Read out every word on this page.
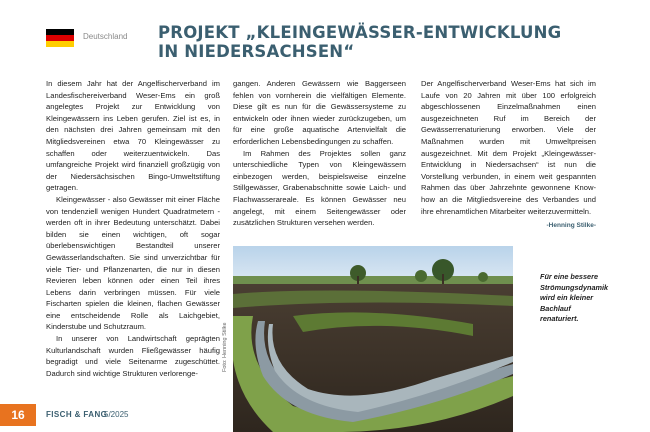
Deutschland PROJEKT „KLEINGEWÄSSER-ENTWICKLUNG
IN NIEDERSACHSEN“

In diesem Jahr hat der Angelfischerverband im Landesfischereiverband Weser-Ems ein groß angelegtes Projekt zur Entwicklung von Kleingewässern ins Leben gerufen. Ziel ist es, in den nächsten drei Jahren gemeinsam mit den Mitgliedsvereinen etwa 70 Kleingewässer zu schaffen oder weiterzuentwickeln. Das umfangreiche Projekt wird finanziell großzügig von der Niedersächsischen Bingo-Umweltstiftung getragen.

Kleingewässer - also Gewässer mit einer Fläche von tendenziell wenigen Hundert Quadratmetern - werden oft in ihrer Bedeutung unterschätzt. Dabei bilden sie einen wichtigen, oft sogar überlebenswichtigen Bestandteil unserer Gewässerlandschaften. Sie sind unverzichtbar für viele Tier- und Pflanzenarten, die nur in diesen Revieren leben können oder einen Teil ihres Lebens darin verbringen müssen. Für viele Fischarten spielen die kleinen, flachen Gewässer eine entscheidende Rolle als Laichgebiet, Kinderstube und Schutzraum.

In unserer von Landwirtschaft geprägten Kulturlandschaft wurden Fließgewässer häufig begradigt und viele Seitenarme zugeschüttet. Dadurch sind wichtige Strukturen verlorenge-

gangen. Anderen Gewässern wie Baggerseen fehlen von vornherein die vielfältigen Elemente. Diese gilt es nun für die Gewässersysteme zu entwickeln oder ihnen wieder zurückzugeben, um für eine große aquatische Artenvielfalt die erforderlichen Lebensbedingungen zu schaffen.

Im Rahmen des Projektes sollen ganz unterschiedliche Typen von Kleingewässern einbezogen werden, beispielsweise einzelne Stillgewässer, Grabenabschnitte sowie Laich- und Flachwasserareale. Es können Gewässer neu angelegt, mit einem Seitengewässer oder zusätzlichen Strukturen versehen werden.

Der Angelfischerverband Weser-Ems hat sich im Laufe von 20 Jahren mit über 100 erfolgreich abgeschlossenen Einzelmaßnahmen einen ausgezeichneten Ruf im Bereich der Gewässerrenaturierung erworben. Viele der Maßnahmen wurden mit Umweltpreisen ausgezeichnet. Mit dem Projekt „Kleingewässer-Entwicklung in Niedersachsen“ ist nun die Vorstellung verbunden, in einem weit gespannten Rahmen das über Jahrzehnte gewonnene Know-how an die Mitgliedsvereine des Verbandes und ihre ehrenamtlichen Mitarbeiter weiterzuvermitteln.

-Henning Stilke-
Foto: Henning Stilke
Für eine bessere Strömungsdynamik wird ein kleiner Bachlauf renaturiert.
16	FISCH & FANG
5/2025
